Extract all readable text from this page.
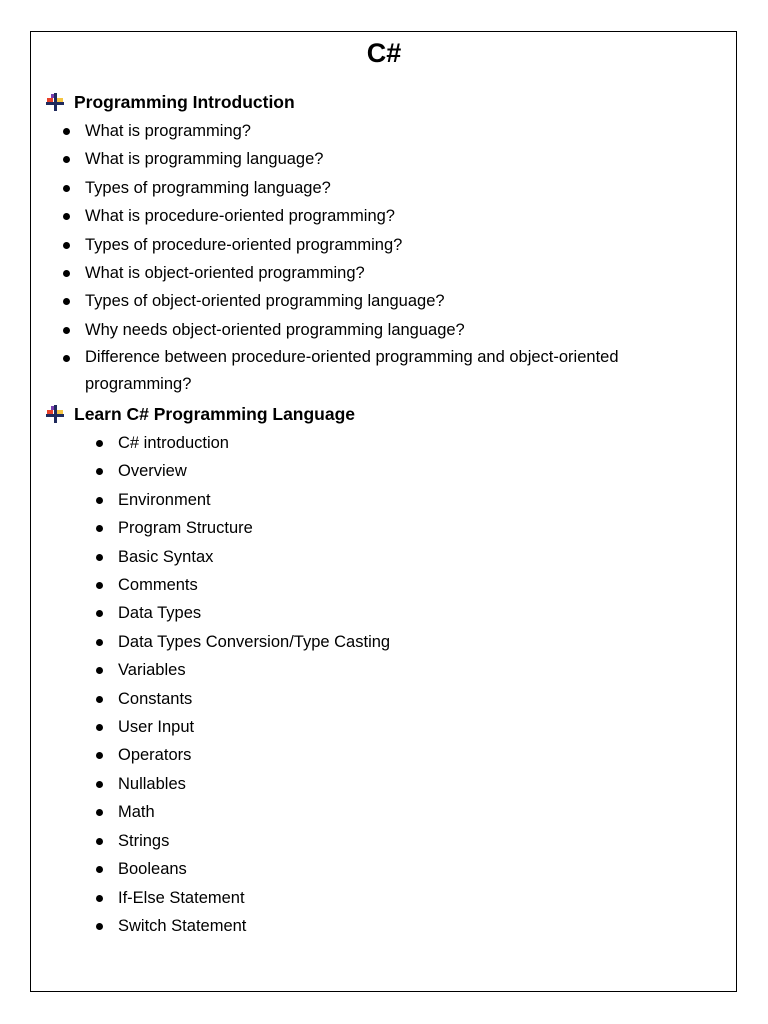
C#
Programming Introduction
What is programming?
What is programming language?
Types of programming language?
What is procedure-oriented programming?
Types of procedure-oriented programming?
What is object-oriented programming?
Types of object-oriented programming language?
Why needs object-oriented programming language?
Difference between procedure-oriented programming and object-oriented programming?
Learn C# Programming Language
C# introduction
Overview
Environment
Program Structure
Basic Syntax
Comments
Data Types
Data Types Conversion/Type Casting
Variables
Constants
User Input
Operators
Nullables
Math
Strings
Booleans
If-Else Statement
Switch Statement
